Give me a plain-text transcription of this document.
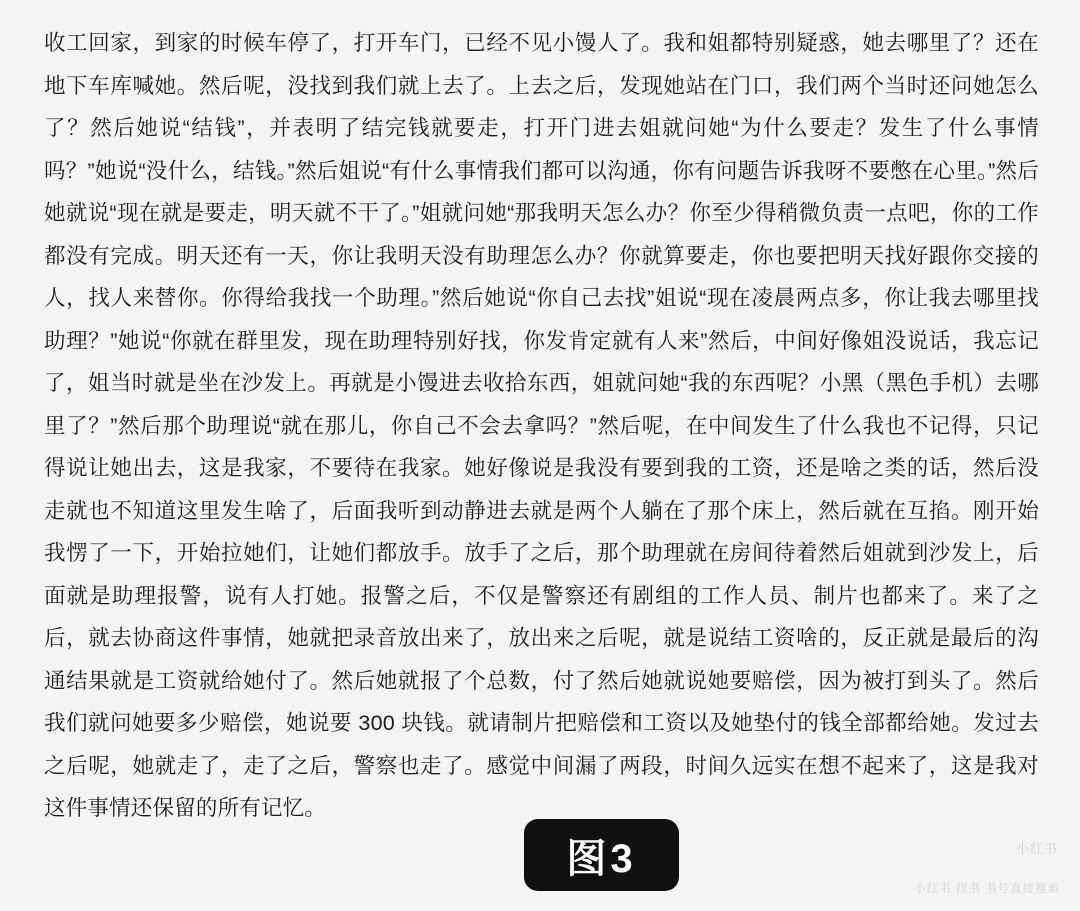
收工回家，到家的时候车停了，打开车门，已经不见小馒人了。我和姐都特别疑惑，她去哪里了？还在地下车库喊她。然后呢，没找到我们就上去了。上去之后，发现她站在门口，我们两个当时还问她怎么了？然后她说“结钱”，并表明了结完钱就要走，打开门进去姐就问她“为什么要走？发生了什么事情吗？”她说“没什么，结钱。”然后姐说“有什么事情我们都可以沟通，你有问题告诉我呀不要憋在心里。”然后她就说“现在就是要走，明天就不干了。”姐就问她“那我明天怎么办？你至少得稍微负责一点吧，你的工作都没有完成。明天还有一天，你让我明天没有助理怎么办？你就算要走，你也要把明天找好跟你交接的人，找人来替你。你得给我找一个助理。”然后她说“你自己去找”姐说“现在凌晨两点多，你让我去哪里找助理？”她说“你就在群里发，现在助理特别好找，你发肯定就有人来”然后，中间好像姐没说话，我忘记了，姐当时就是坐在沙发上。再就是小馒进去收拾东西，姐就问她“我的东西呢？小黑（黑色手机）去哪里了？”然后那个助理说“就在那儿，你自己不会去拿吗？”然后呢，在中间发生了什么我也不记得，只记得说让她出去，这是我家，不要待在我家。她好像说是我没有要到我的工资，还是啥之类的话，然后没走就也不知道这里发生啥了，后面我听到动静进去就是两个人躺在了那个床上，然后就在互掐。刚开始我愣了一下，开始拉她们，让她们都放手。放手了之后，那个助理就在房间待着然后姐就到沙发上，后面就是助理报警，说有人打她。报警之后，不仅是警察还有剧组的工作人员、制片也都来了。来了之后，就去协商这件事情，她就把录音放出来了，放出来之后呢，就是说结工资啥的，反正就是最后的沟通结果就是工资就给她付了。然后她就报了个总数，付了然后她就说她要赔偿，因为被打到头了。然后我们就问她要多少赔偿，她说要 300 块钱。就请制片把赔偿和工资以及她垫付的钱全部都给她。发过去之后呢，她就走了，走了之后，警察也走了。感觉中间漏了两段，时间久远实在想不起来了，这是我对这件事情还保留的所有记忆。
图3	小红书
小红书 找书 书号直接搜索
